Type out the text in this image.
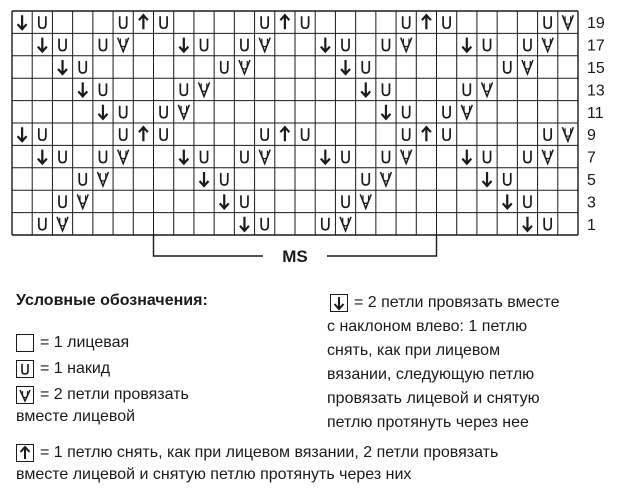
19
17
15
13
11
9
7
5
3
1
MS
Условные обозначения:
= 1 лицевая
= 1 накид
= 2 петли провязать
вместе лицевой
= 2 петли провязать вместе
с наклоном влево: 1 петлю
снять, как при лицевом
вязании, следующую петлю
провязать лицевой и снятую
петлю протянуть через нее
= 1 петлю снять, как при лицевом вязании, 2 петли провязать
вместе лицевой и снятую петлю протянуть через них
